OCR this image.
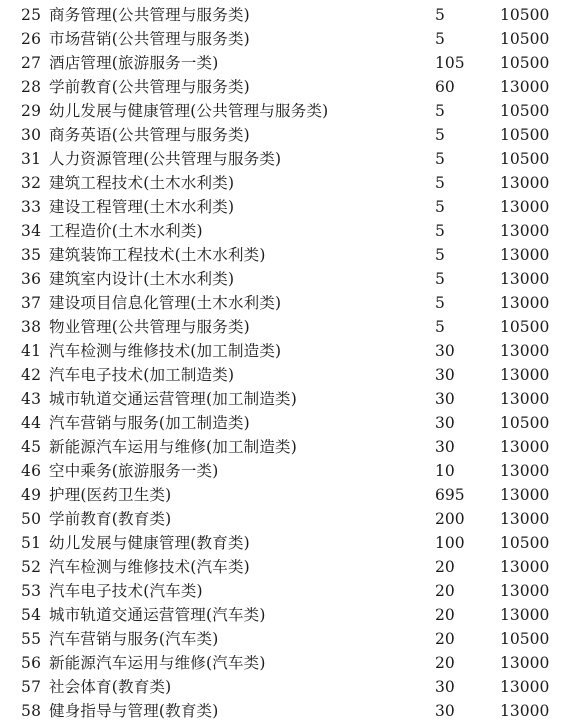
25 商务管理(公共管理与服务类)	5	10500
26 市场营销(公共管理与服务类)	5	10500
27 酒店管理(旅游服务一类)	105 10500
28 学前教育(公共管理与服务类)	60	13000
29 幼儿发展与健康管理(公共管理与服务类)	5	10500
30 商务英语(公共管理与服务类)	5	10500
31 人力资源管理(公共管理与服务类)	5	10500
32 建筑工程技术(土木水利类)	5	13000
33 建设工程管理(土木水利类)	5	13000
34 工程造价(土木水利类)	5	13000
35 建筑装饰工程技术(土木水利类)	5	13000
36 建筑室内设计(土木水利类)	5	13000
37 建设项目信息化管理(土木水利类)	5	13000
38 物业管理(公共管理与服务类)	5	10500
41 汽车检测与维修技术(加工制造类)	30	13000
42 汽车电子技术(加工制造类)	30	13000
43 城市轨道交通运营管理(加工制造类)	30	13000
44 汽车营销与服务(加工制造类)	30	10500
45 新能源汽车运用与维修(加工制造类)	30	13000
46 空中乘务(旅游服务一类)	10	13000
49 护理(医药卫生类)	695 13000
50 学前教育(教育类)	200 13000
51 幼儿发展与健康管理(教育类)	100 10500
52 汽车检测与维修技术(汽车类)	20	13000
53 汽车电子技术(汽车类)	20	13000
54 城市轨道交通运营管理(汽车类)	20	13000
55 汽车营销与服务(汽车类)	20	10500
56 新能源汽车运用与维修(汽车类)	20	13000
57 社会体育(教育类)	30	13000
58 健身指导与管理(教育类)	30	13000
